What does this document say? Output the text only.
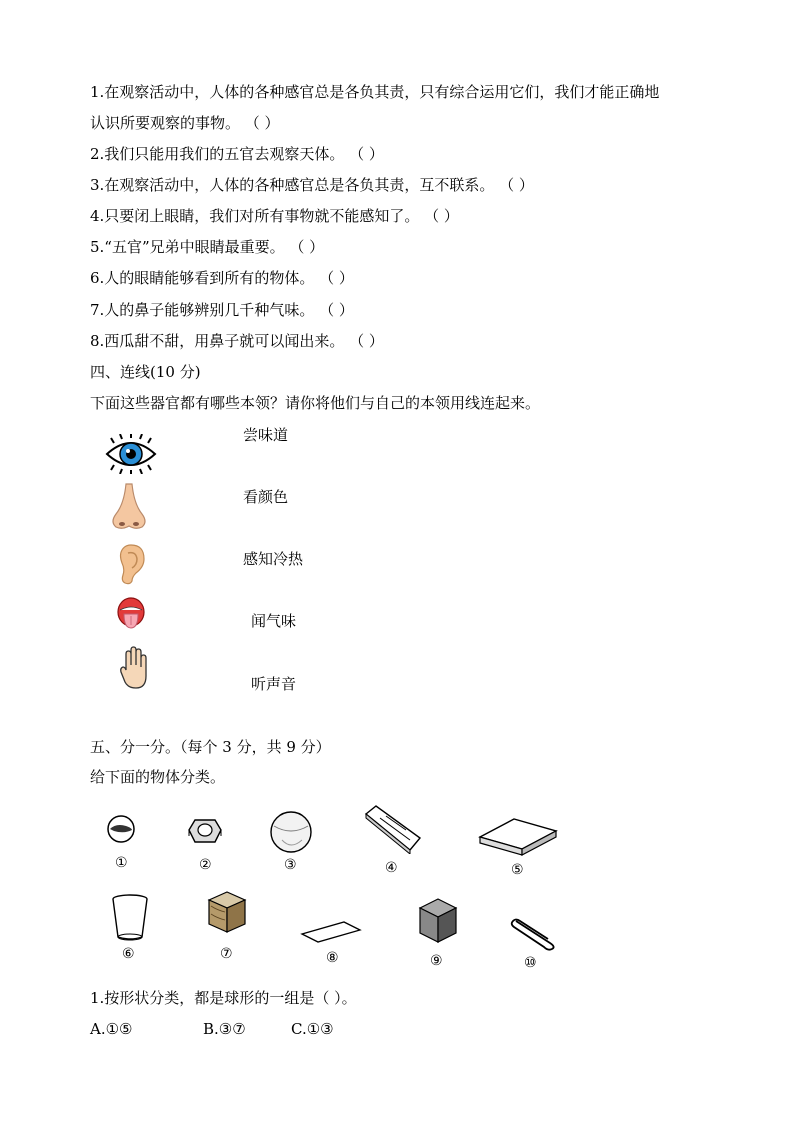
1.在观察活动中，人体的各种感官总是各负其责，只有综合运用它们，我们才能正确地
认识所要观察的事物。 （ ）
2.我们只能用我们的五官去观察天体。 （ ）
3.在观察活动中，人体的各种感官总是各负其责，互不联系。 （ ）
4.只要闭上眼睛，我们对所有事物就不能感知了。 （ ）
5.“五官”兄弟中眼睛最重要。 （ ）
6.人的眼睛能够看到所有的物体。 （ ）
7.人的鼻子能够辨别几千种气味。 （ ）
8.西瓜甜不甜，用鼻子就可以闻出来。 （ ）
四、连线(10 分)
下面这些器官都有哪些本领？请你将他们与自己的本领用线连起来。
尝味道
看颜色
感知冷热
闻气味
听声音
五、分一分。（每个 3 分，共 9 分）
给下面的物体分类。
①	②	③	④	⑤
⑥	⑦	⑧	⑨	⑩
1.按形状分类，都是球形的一组是（ ）。
A.①⑤	B.③⑦	C.①③
